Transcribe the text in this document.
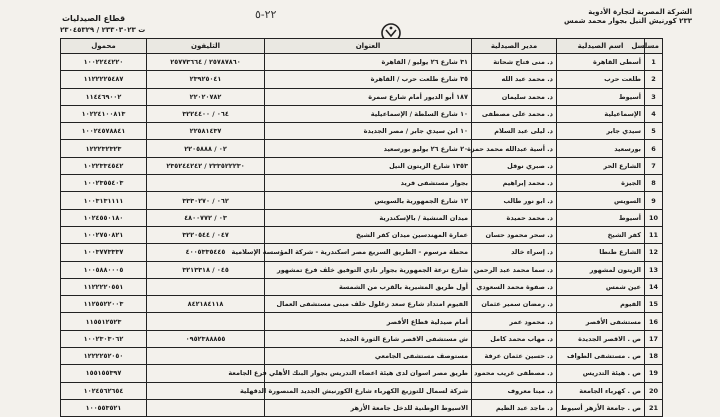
الشركة المصرية لتجارة الأدوية
٢٣٣ كورنيش النيل بجوار محمد شمس
قطاع الصيدليات
ت ٢٣٣٠٣٠٢٣ / ٢٣٠٤٥٣٢٩
٢٢-٥
مسلسل	اسم الصيدلية	مدير الصيدلية	العنوان	التليفون	محمول
1	أسطى القاهرة	د. منى فتاح شحاتة	٣١ شارع ٢٦ يوليو / القاهرة	٢٥٧٨٧٨٦٠ / ٢٥٧٧٣٦٦٤	١٠٠٢٢٤٤٢٢٠
2	طلعت حرب	د. محمد عبد الله	٣٥ شارع طلعت حرب / القاهرة	٢٣٩٢٥٠٤١	١١٢٢٢٢٥٤٨٧
3	أسيوط	د. محمد سليمان	١٨٧ أبو الديور أمام شارع سمرة	٢٢٠٢٠٧٨٢	١١٤٤٦٩٠٠٢
4	الإسماعيلية	د. محمد على مصطفى	١٠ شارع السلطة / الإسماعيلية	٠٦٤ / ٣٢٢٤٤٠٠	١٠٢٢٤١٠٠٨١٣
5	سيدي جابر	د. ليلى عبد السلام	١٠ ابن سيدي جابر / مصر الجديدة	٢٢٥٨١٤٣٧	١٠٠٢٤٥٧٨٨٤١
6	بورسعيد	د. أسية عبدالله محمد حمزة	٢٠ شارع ٢٦ يوليو بورسعيد	٠٢ / ٢٢٠٥٨٨٨	١٢٢٢٣٢٣٢٣
7	الشارع الحر	د. صبري نوفل	١٣٥٣ شارع الزيتون النيل	٢٣٣٥٢٢٢٣٠ / ٢٣٥٢٤٤٢٤٢	١٠٢٢٣٣٤٥٤٢
8	الجيزة	د. محمد إبراهيم	بجوار مستشفى فريد		١٠٠٢٣٥٥٤٠٣
9	السويس	د. ابو نور طالب	١٢ شارع الجمهورية بالسويس	٠٦٢ / ٣٣٣٠٢٧٠	١٠٠٣١٣١١١١
10	أسيوط	د. محمد حميدة	ميدان المنشية / بالإسكندرية	٠٣ / ٤٨٠٠٧٧٢	١٠٢٤٥٥٠١٨٠
11	كفر الشيخ	د. سحر محمود حسان	عمارة المهندسين ميدان كفر الشيخ	٠٤٧ / ٣٢٢٠٥٤٤	١٠٠٢٧٥٠٨٢١
12	الشارع طنطا	د. إسراء خالد	محطة مرسوم - الطريق السريع مصر اسكندرية - شركة المؤسسة الإسلامية	٤٠٠٥٣٣٥٤٤٥	١٠٠٣٧٧٣٣٣٧
13	الزيتون لمشهور	د. سما محمد عبد الرحمن	شارع ترعة الجمهورية بجوار نادي التوفيق خلف فرع تمشهور	٠٤٥ / ٣٢١٣٣١٨	١٠٠٥٨٨٠٠٠٥
14	عين شمس	د. صفوة محمد السعودي	أول طريق المشيرية بالقرب من الشمسة		١١٢٢٢٢٠٥٥١
15	الفيوم	د. رمضان سمير عثمان	الفيوم امتداد شارع سعد زغلول خلف مبنى مستشفى العمال	٨٤٢١٨٤١١٨	١١٢٥٥٢٢٠٠٣
16	مستشفى الأقصر	د. محمود عمر	أمام صيدلية قطاع الأقصر		١١٥٥١٢٥٢٣
17	ص . الاقصر الجديدة	د. مهاب محمد كامل	ش مستشفى الاقصر شارع الثورة الجديد	٠٩٥٢٣٨٨٨٥٥	١٠٠٢٣٠٣٠٦٢
18	ص . مستشفى الطواف	د. حسين عثمان عرفة	مستوصف مستشفى الجامعي		١٢٢٢٢٥٢٠٥٠
19	ص . هيئة التدريس	د. مصطفى غريب محمود	طريق مصر اسوان لدى هيئة اعضاء التدريس بجوار البنك الأهلي فرع الجامعة		١٥٥١٥٥٣٩٧
20	ص . كهرباء الجامعة	د. مينا معروف	شركة لسمال للتوزيع الكهرباء شارع الكورنيش الجديد المنصورة الدقهلية		١٠٢٤٥٦٢٦٥٤
21	ص . جامعة الأزهر أسيوط	د. ماجد عبد الظيم	الاسيوط الوطنية للدخل جامعة الأزهر		١٠٠٥٥٣٥٢١
